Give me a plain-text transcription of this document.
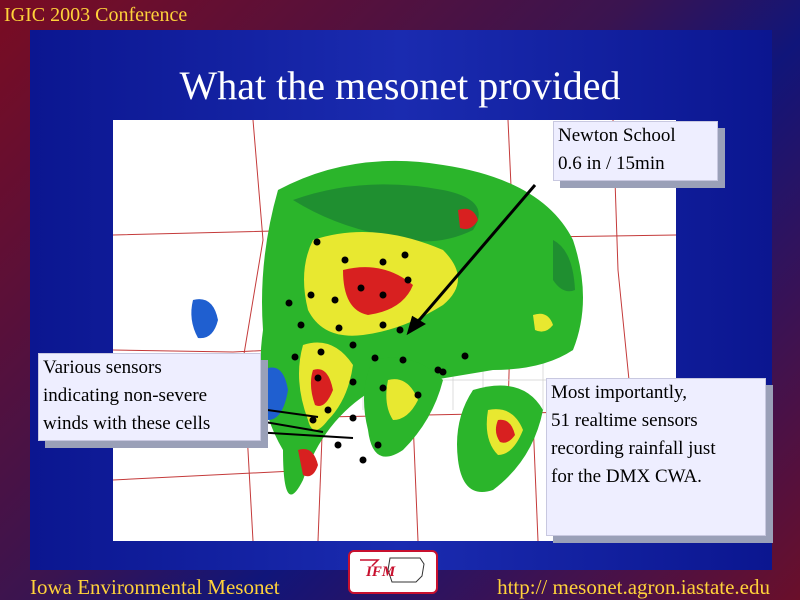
IGIC 2003 Conference
What the mesonet provided
Newton School
0.6 in / 15min
Various sensors
indicating non-severe
winds with these cells
Most importantly,
51 realtime sensors
recording rainfall just
for the DMX CWA.
IFM
Iowa Environmental Mesonet	http:// mesonet.agron.iastate.edu
